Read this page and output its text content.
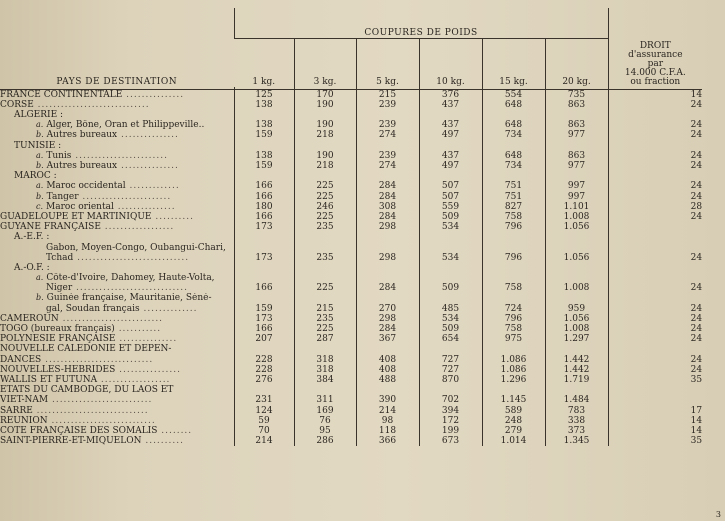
PAYS DE DESTINATION	COUPURES DE POIDS						DROIT
d'assurance
par
14.000 C.F.A.
ou fraction

	1 kg.	3 kg.	5 kg.	10 kg.	15 kg.	20 kg.	

FRANCE CONTINENTALE ...............	125	170	215	376	554	735	14
CORSE .............................	138	190	239	437	648	863	24
ALGERIE :							
a. Alger, Bône, Oran et Philippeville..	138	190	239	437	648	863	24
b. Autres bureaux ...............	159	218	274	497	734	977	24
TUNISIE :							
a. Tunis ........................	138	190	239	437	648	863	24
b. Autres bureaux ...............	159	218	274	497	734	977	24
MAROC :							
a. Maroc occidental .............	166	225	284	507	751	997	24
b. Tanger .......................	166	225	284	507	751	997	24
c. Maroc oriental ...............	180	246	308	559	827	1.101	28
GUADELOUPE ET MARTINIQUE ..........	166	225	284	509	758	1.008	24
GUYANE FRANÇAISE ..................	173	235	298	534	796	1.056	
A.-E.F. :							
Gabon, Moyen-Congo, Oubangui-Chari,							
Tchad .............................	173	235	298	534	796	1.056	24
A.-O.F. :							
a. Côte-d'Ivoire, Dahomey, Haute-Volta,							
Niger .............................	166	225	284	509	758	1.008	24
b. Guinée française, Mauritanie, Séné-							
gal, Soudan français ..............	159	215	270	485	724	959	24
CAMEROUN ..........................	173	235	298	534	796	1.056	24
TOGO (bureaux français) ...........	166	225	284	509	758	1.008	24
POLYNESIE FRANÇAISE ...............	207	287	367	654	975	1.297	24
NOUVELLE CALEDONIE ET DEPEN-							
DANCES ............................	228	318	408	727	1.086	1.442	24
NOUVELLES-HEBRIDES ................	228	318	408	727	1.086	1.442	24
WALLIS ET FUTUNA ..................	276	384	488	870	1.296	1.719	35
ETATS DU CAMBODGE, DU LAOS ET							
VIET-NAM ..........................	231	311	390	702	1.145	1.484	
SARRE .............................	124	169	214	394	589	783	17
REUNION ...........................	59	76	98	172	248	338	14
COTE FRANÇAISE DES SOMALIS ........	70	95	118	199	279	373	14
SAINT-PIERRE-ET-MIQUELON ..........	214	286	366	673	1.014	1.345	35
3
